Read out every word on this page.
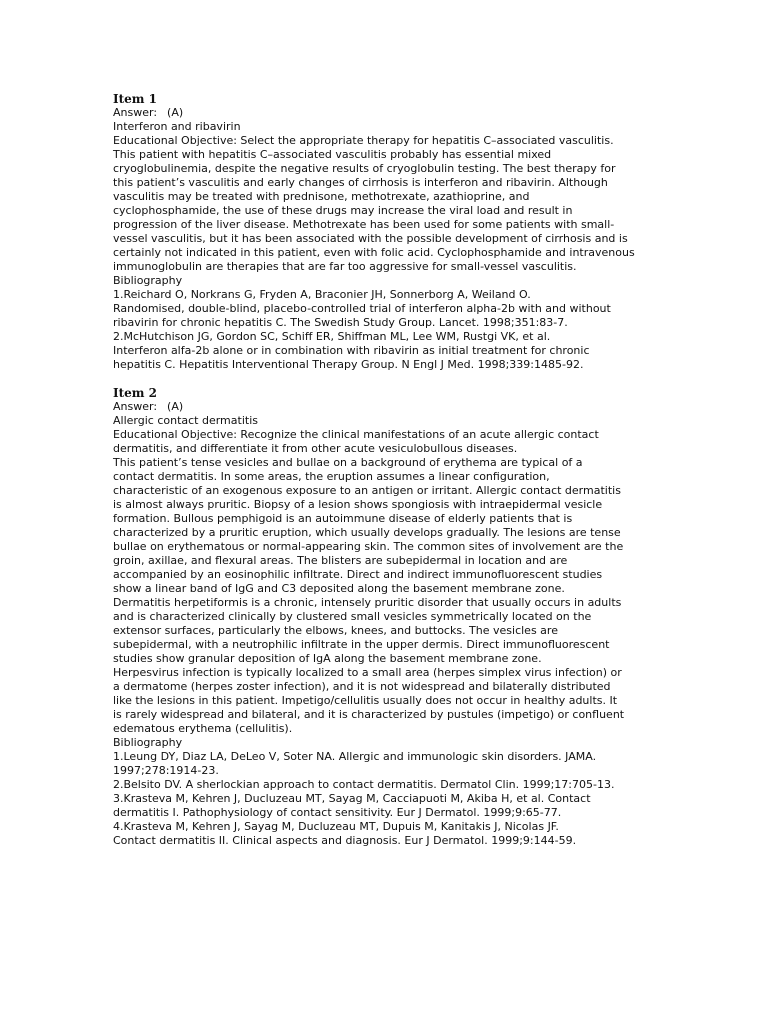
Item 1
Answer: (A)
Interferon and ribavirin
Educational Objective: Select the appropriate therapy for hepatitis C–associated vasculitis.
This patient with hepatitis C–associated vasculitis probably has essential mixed
cryoglobulinemia, despite the negative results of cryoglobulin testing. The best therapy for
this patient’s vasculitis and early changes of cirrhosis is interferon and ribavirin. Although
vasculitis may be treated with prednisone, methotrexate, azathioprine, and
cyclophosphamide, the use of these drugs may increase the viral load and result in
progression of the liver disease. Methotrexate has been used for some patients with small-
vessel vasculitis, but it has been associated with the possible development of cirrhosis and is
certainly not indicated in this patient, even with folic acid. Cyclophosphamide and intravenous
immunoglobulin are therapies that are far too aggressive for small-vessel vasculitis.
Bibliography
1.Reichard O, Norkrans G, Fryden A, Braconier JH, Sonnerborg A, Weiland O.
Randomised, double-blind, placebo-controlled trial of interferon alpha-2b with and without
ribavirin for chronic hepatitis C. The Swedish Study Group. Lancet. 1998;351:83-7.
2.McHutchison JG, Gordon SC, Schiff ER, Shiffman ML, Lee WM, Rustgi VK, et al.
Interferon alfa-2b alone or in combination with ribavirin as initial treatment for chronic
hepatitis C. Hepatitis Interventional Therapy Group. N Engl J Med. 1998;339:1485-92.
Item 2
Answer: (A)
Allergic contact dermatitis
Educational Objective: Recognize the clinical manifestations of an acute allergic contact
dermatitis, and differentiate it from other acute vesiculobullous diseases.
This patient’s tense vesicles and bullae on a background of erythema are typical of a
contact dermatitis. In some areas, the eruption assumes a linear configuration,
characteristic of an exogenous exposure to an antigen or irritant. Allergic contact dermatitis
is almost always pruritic. Biopsy of a lesion shows spongiosis with intraepidermal vesicle
formation. Bullous pemphigoid is an autoimmune disease of elderly patients that is
characterized by a pruritic eruption, which usually develops gradually. The lesions are tense
bullae on erythematous or normal-appearing skin. The common sites of involvement are the
groin, axillae, and flexural areas. The blisters are subepidermal in location and are
accompanied by an eosinophilic infiltrate. Direct and indirect immunofluorescent studies
show a linear band of IgG and C3 deposited along the basement membrane zone.
Dermatitis herpetiformis is a chronic, intensely pruritic disorder that usually occurs in adults
and is characterized clinically by clustered small vesicles symmetrically located on the
extensor surfaces, particularly the elbows, knees, and buttocks. The vesicles are
subepidermal, with a neutrophilic infiltrate in the upper dermis. Direct immunofluorescent
studies show granular deposition of IgA along the basement membrane zone.
Herpesvirus infection is typically localized to a small area (herpes simplex virus infection) or
a dermatome (herpes zoster infection), and it is not widespread and bilaterally distributed
like the lesions in this patient. Impetigo/cellulitis usually does not occur in healthy adults. It
is rarely widespread and bilateral, and it is characterized by pustules (impetigo) or confluent
edematous erythema (cellulitis).
Bibliography
1.Leung DY, Diaz LA, DeLeo V, Soter NA. Allergic and immunologic skin disorders. JAMA.
1997;278:1914-23.
2.Belsito DV. A sherlockian approach to contact dermatitis. Dermatol Clin. 1999;17:705-13.
3.Krasteva M, Kehren J, Ducluzeau MT, Sayag M, Cacciapuoti M, Akiba H, et al. Contact
dermatitis I. Pathophysiology of contact sensitivity. Eur J Dermatol. 1999;9:65-77.
4.Krasteva M, Kehren J, Sayag M, Ducluzeau MT, Dupuis M, Kanitakis J, Nicolas JF.
Contact dermatitis II. Clinical aspects and diagnosis. Eur J Dermatol. 1999;9:144-59.
